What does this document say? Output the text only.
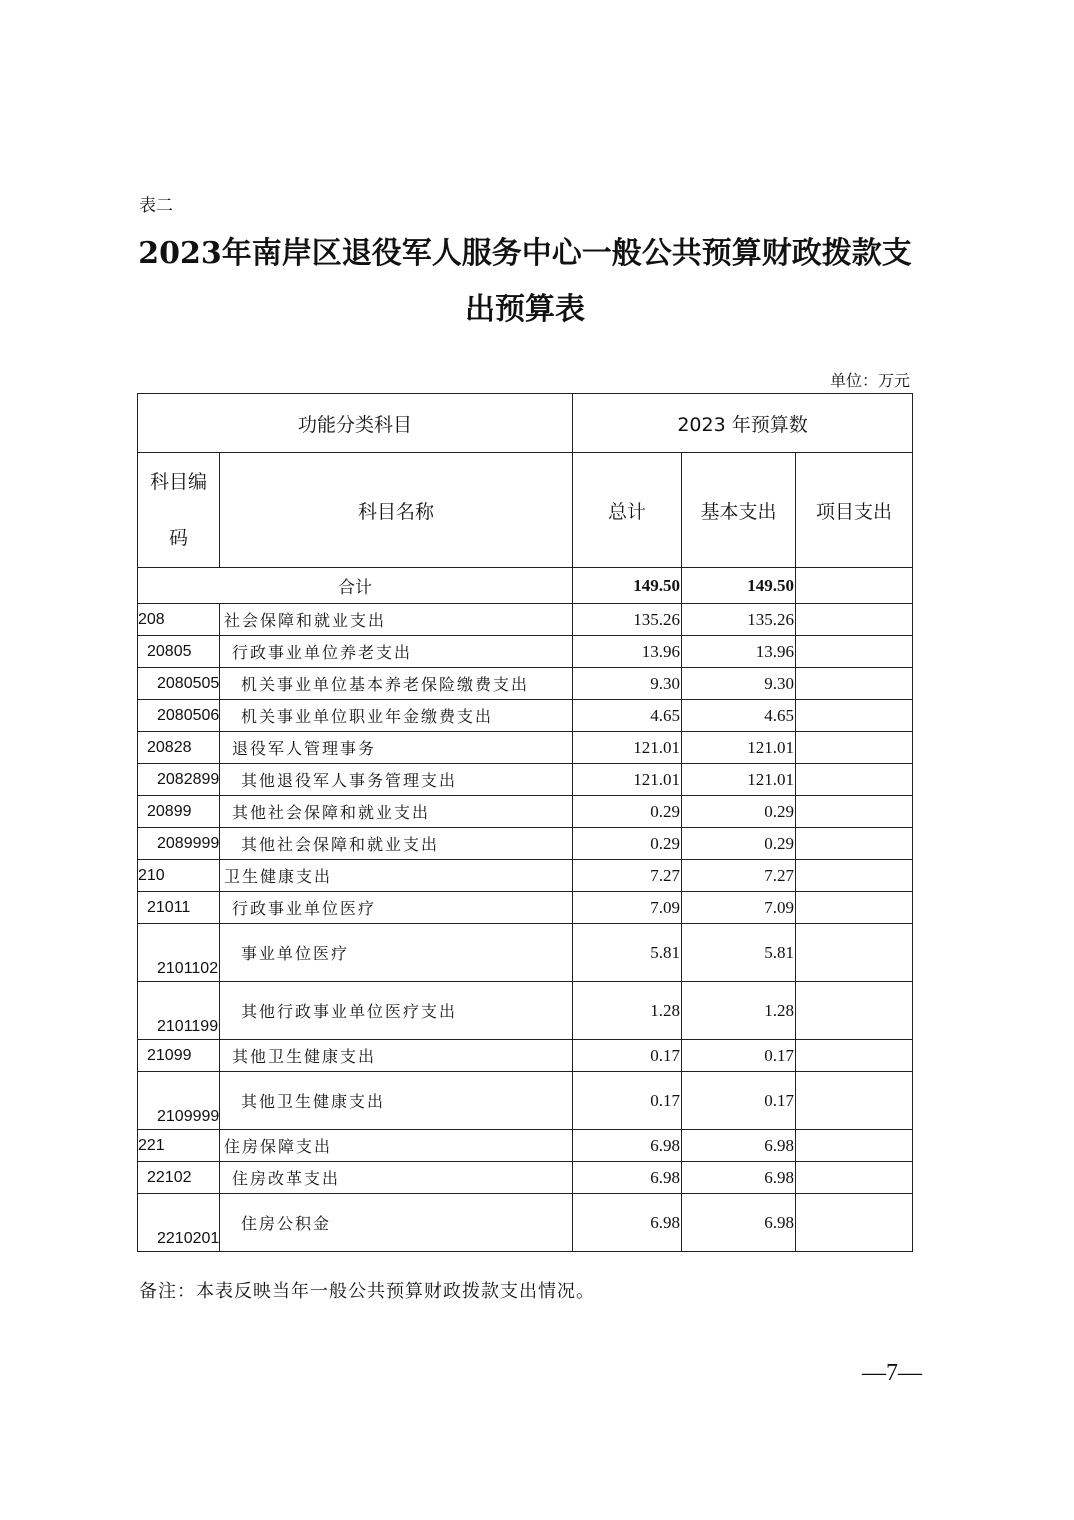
表二
2023年南岸区退役军人服务中心一般公共预算财政拨款支
出预算表
单位：万元
功能分类科目		2023 年预算数		
科目编码	科目名称	总计	基本支出	项目支出
合计		149.50	149.50	
208	社会保障和就业支出	135.26	135.26	
20805	行政事业单位养老支出	13.96	13.96	
2080505	机关事业单位基本养老保险缴费支出	9.30	9.30	
2080506	机关事业单位职业年金缴费支出	4.65	4.65	
20828	退役军人管理事务	121.01	121.01	
2082899	其他退役军人事务管理支出	121.01	121.01	
20899	其他社会保障和就业支出	0.29	0.29	
2089999	其他社会保障和就业支出	0.29	0.29	
210	卫生健康支出	7.27	7.27	
21011	行政事业单位医疗	7.09	7.09	
2101102	事业单位医疗	5.81	5.81	
2101199	其他行政事业单位医疗支出	1.28	1.28	
21099	其他卫生健康支出	0.17	0.17	
2109999	其他卫生健康支出	0.17	0.17	
221	住房保障支出	6.98	6.98	
22102	住房改革支出	6.98	6.98	
2210201	住房公积金	6.98	6.98	
备注：本表反映当年一般公共预算财政拨款支出情况。
—7—
